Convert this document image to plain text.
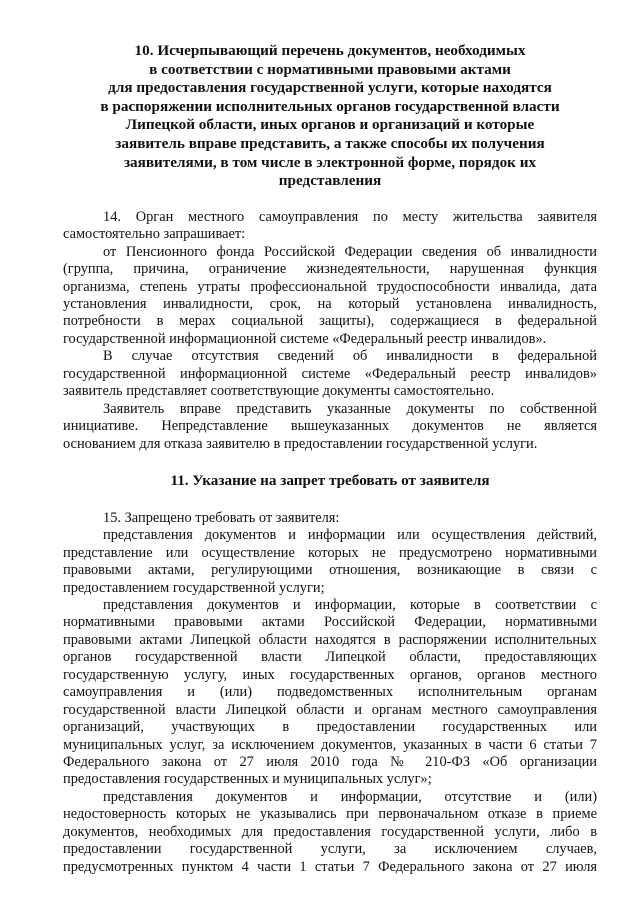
10. Исчерпывающий перечень документов, необходимых
в соответствии с нормативными правовыми актами
для предоставления государственной услуги, которые находятся
в распоряжении исполнительных органов государственной власти
Липецкой области, иных органов и организаций и которые
заявитель вправе представить, а также способы их получения
заявителями, в том числе в электронной форме, порядок их
представления

14. Орган местного самоуправления по месту жительства заявителя
самостоятельно запрашивает:

от Пенсионного фонда Российской Федерации сведения об инвалидности
(группа, причина, ограничение жизнедеятельности, нарушенная функция
организма, степень утраты профессиональной трудоспособности инвалида, дата
установления инвалидности, срок, на который установлена инвалидность,
потребности в мерах социальной защиты), содержащиеся в федеральной
государственной информационной системе «Федеральный реестр инвалидов».

В случае отсутствия сведений об инвалидности в федеральной
государственной информационной системе «Федеральный реестр инвалидов»
заявитель представляет соответствующие документы самостоятельно.

Заявитель вправе представить указанные документы по собственной
инициативе. Непредставление вышеуказанных документов не является
основанием для отказа заявителю в предоставлении государственной услуги.

11. Указание на запрет требовать от заявителя

15. Запрещено требовать от заявителя:

представления документов и информации или осуществления действий,
представление или осуществление которых не предусмотрено нормативными
правовыми актами, регулирующими отношения, возникающие в связи с
предоставлением государственной услуги;

представления документов и информации, которые в соответствии с
нормативными правовыми актами Российской Федерации, нормативными
правовыми актами Липецкой области находятся в распоряжении исполнительных
органов государственной власти Липецкой области, предоставляющих
государственную услугу, иных государственных органов, органов местного
самоуправления и (или) подведомственных исполнительным органам
государственной власти Липецкой области и органам местного самоуправления
организаций, участвующих в предоставлении государственных или
муниципальных услуг, за исключением документов, указанных в части 6 статьи 7
Федерального закона от 27 июля 2010 года № 210-ФЗ «Об организации
предоставления государственных и муниципальных услуг»;

представления документов и информации, отсутствие и (или)
недостоверность которых не указывались при первоначальном отказе в приеме
документов, необходимых для предоставления государственной услуги, либо в
предоставлении государственной услуги, за исключением случаев,
предусмотренных пунктом 4 части 1 статьи 7 Федерального закона от 27 июля
